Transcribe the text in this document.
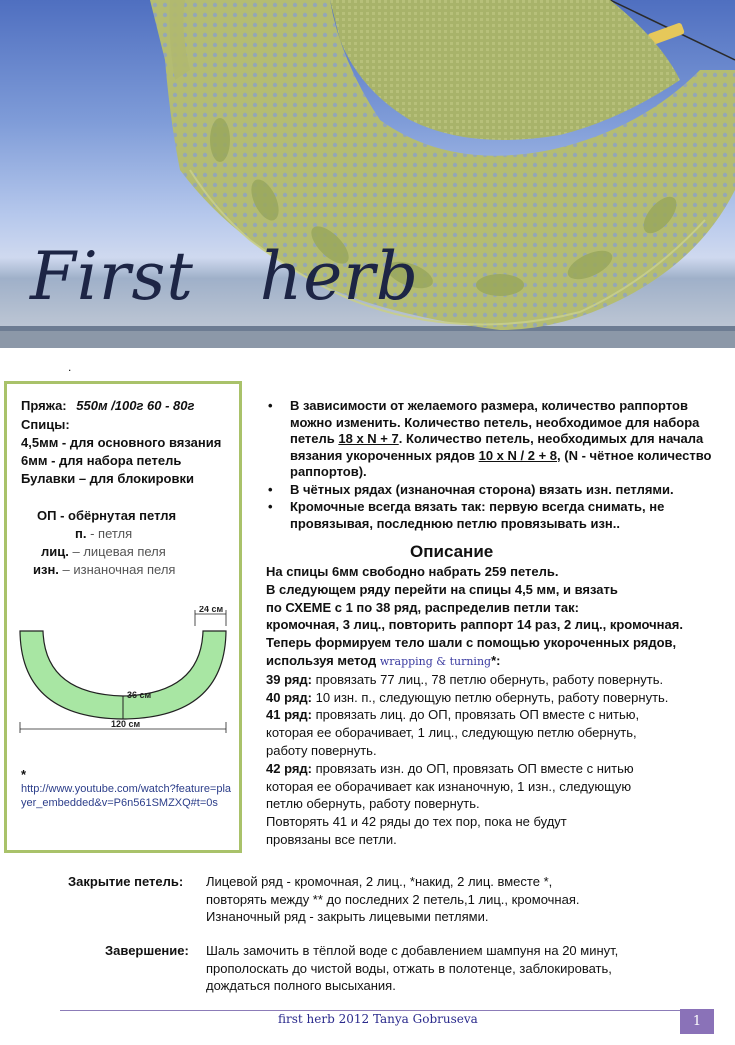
First   herb
.
Пряжа: 550м /100г 60 - 80г
Спицы:
4,5мм - для основного вязания
6мм - для набора петель
Булавки – для блокировки
ОП - обёрнутая петля
п. - петля
лиц. – лицевая пеля
изн. – изнаночная пеля
24 см
36 см
120 см
*
http://www.youtube.com/watch?feature=player_embedded&v=P6n561SMZXQ#t=0s
• В зависимости от желаемого размера, количество раппортов можно изменить. Количество петель, необходимое для набора петель 18 х N + 7. Количество петель, необходимых для начала вязания укороченных рядов 10 х N / 2 + 8, (N - чётное количество раппортов).
• В чётных рядах (изнаночная сторона) вязать изн. петлями.
• Кромочные всегда вязать так: первую всегда снимать, не провязывая, последнюю петлю провязывать изн..
Описание
На спицы 6мм свободно набрать 259 петель.
В следующем ряду перейти на спицы 4,5 мм, и вязать
по СХЕМЕ с 1 по 38 ряд, распределив петли так:
кромочная, 3 лиц., повторить раппорт 14 раз, 2 лиц., кромочная.
Теперь формируем тело шали с помощью укороченных рядов,
используя метод wrapping & turning*:
39 ряд: провязать 77 лиц., 78 петлю обернуть, работу повернуть.
40 ряд: 10 изн. п., следующую петлю обернуть, работу повернуть.
41 ряд: провязать лиц. до ОП, провязать ОП вместе с нитью,
которая ее оборачивает, 1 лиц., следующую петлю обернуть,
работу повернуть.
42 ряд: провязать изн. до ОП, провязать ОП вместе с нитью
которая ее оборачивает как изнаночную, 1 изн., следующую
петлю обернуть, работу повернуть.
Повторять 41 и 42 ряды до тех пор, пока не будут
провязаны все петли.
Закрытие петель: Лицевой ряд - кромочная, 2 лиц., *накид, 2 лиц. вместе *,
повторять между ** до последних 2 петель,1 лиц., кромочная.
Изнаночный ряд - закрыть лицевыми петлями.
Завершение: Шаль замочить в тёплой воде с добавлением шампуня на 20 минут,
прополоскать до чистой воды, отжать в полотенце, заблокировать,
дождаться полного высыхания.
first herb 2012 Tanya Gobruseva	1
